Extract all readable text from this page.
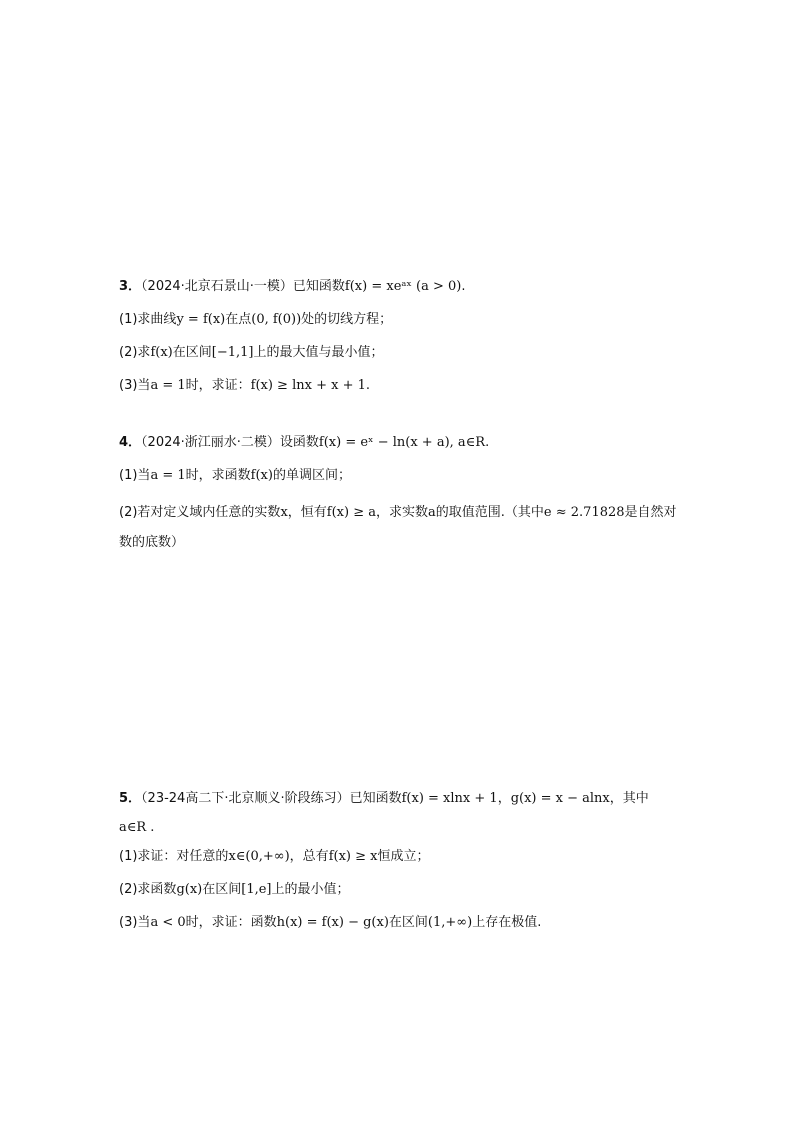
3．（2024·北京石景山·一模）已知函数f(x) = xeᵃˣ (a > 0).
(1)求曲线y = f(x)在点(0, f(0))处的切线方程；
(2)求f(x)在区间[−1,1]上的最大值与最小值；
(3)当a = 1时，求证：f(x) ≥ lnx + x + 1.
4．（2024·浙江丽水·二模）设函数f(x) = eˣ − ln(x + a), a∈R.
(1)当a = 1时，求函数f(x)的单调区间；
(2)若对定义域内任意的实数x，恒有f(x) ≥ a，求实数a的取值范围.（其中e ≈ 2.71828是自然对数的底数）
5．（23-24高二下·北京顺义·阶段练习）已知函数f(x) = xlnx + 1，g(x) = x − alnx，其中
a∈R .
(1)求证：对任意的x∈(0,+∞)，总有f(x) ≥ x恒成立；
(2)求函数g(x)在区间[1,e]上的最小值；
(3)当a < 0时，求证：函数h(x) = f(x) − g(x)在区间(1,+∞)上存在极值.
